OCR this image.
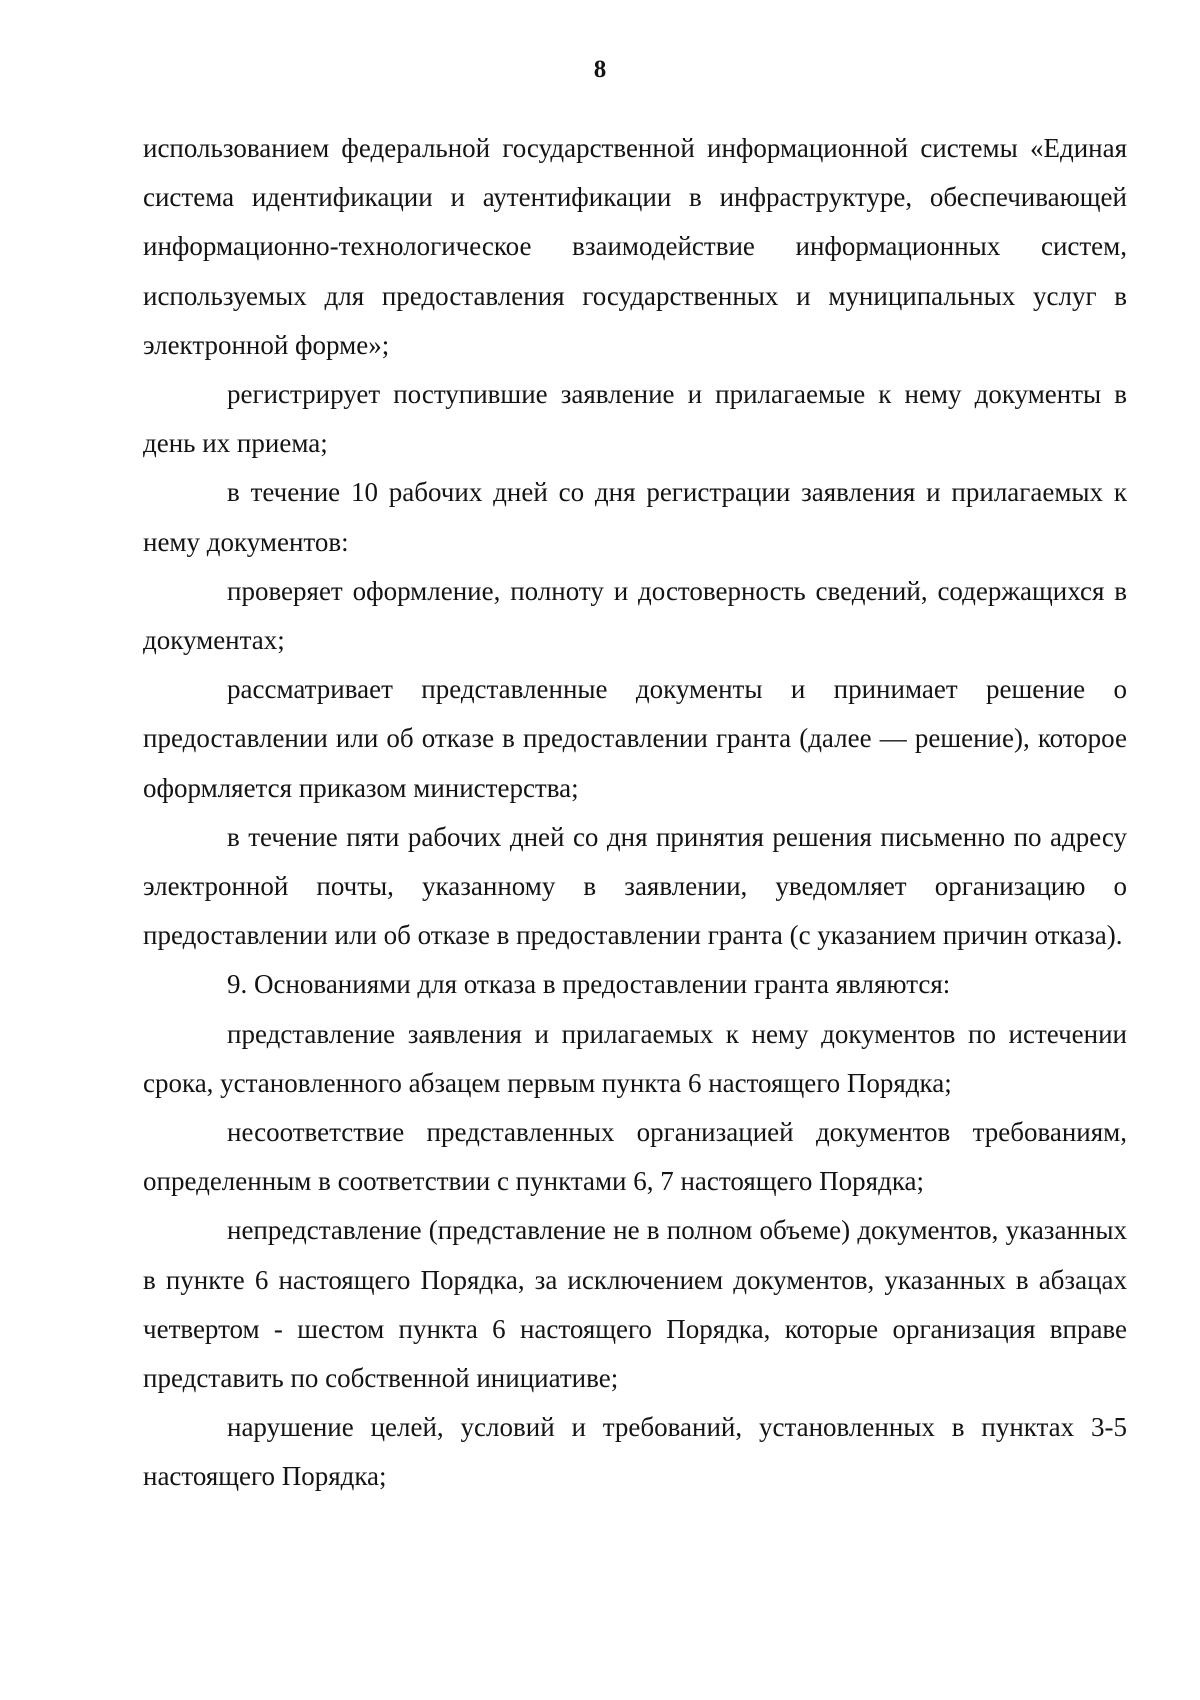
8

использованием федеральной государственной информационной системы «Единая система идентификации и аутентификации в инфраструктуре, обеспечивающей информационно-технологическое взаимодействие информационных систем, используемых для предоставления государственных и муниципальных услуг в электронной форме»;

регистрирует поступившие заявление и прилагаемые к нему документы в день их приема;

в течение 10 рабочих дней со дня регистрации заявления и прилагаемых к нему документов:

проверяет оформление, полноту и достоверность сведений, содержащихся в документах;

рассматривает представленные документы и принимает решение о предоставлении или об отказе в предоставлении гранта (далее — решение), которое оформляется приказом министерства;

в течение пяти рабочих дней со дня принятия решения письменно по адресу электронной почты, указанному в заявлении, уведомляет организацию о предоставлении или об отказе в предоставлении гранта (с указанием причин отказа).

9. Основаниями для отказа в предоставлении гранта являются:

представление заявления и прилагаемых к нему документов по истечении срока, установленного абзацем первым пункта 6 настоящего Порядка;

несоответствие представленных организацией документов требованиям, определенным в соответствии с пунктами 6, 7 настоящего Порядка;

непредставление (представление не в полном объеме) документов, указанных в пункте 6 настоящего Порядка, за исключением документов, указанных в абзацах четвертом - шестом пункта 6 настоящего Порядка, которые организация вправе представить по собственной инициативе;

нарушение целей, условий и требований, установленных в пунктах 3-5 настоящего Порядка;
